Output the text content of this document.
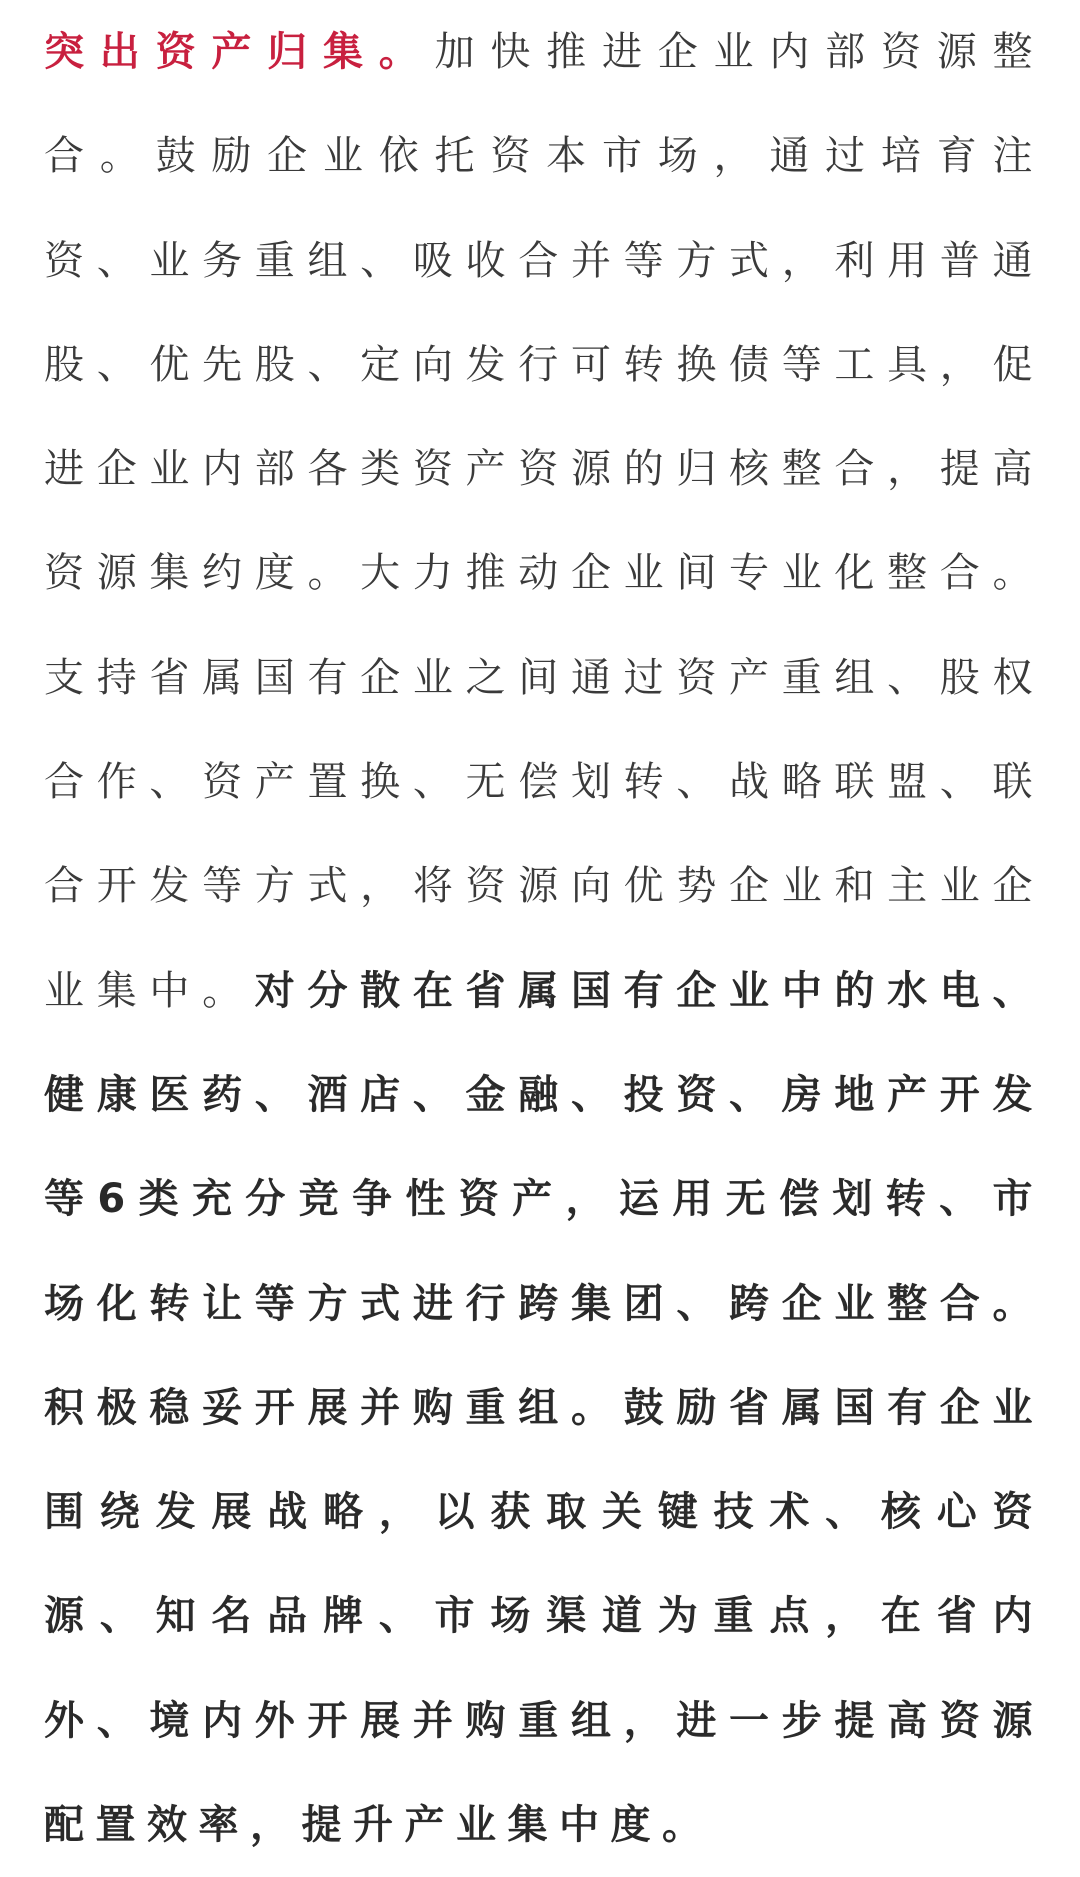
突出资产归集。加快推进企业内部资源整合。鼓励企业依托资本市场，通过培育注资、业务重组、吸收合并等方式，利用普通股、优先股、定向发行可转换债等工具，促进企业内部各类资产资源的归核整合，提高资源集约度。大力推动企业间专业化整合。支持省属国有企业之间通过资产重组、股权合作、资产置换、无偿划转、战略联盟、联合开发等方式，将资源向优势企业和主业企业集中。对分散在省属国有企业中的水电、健康医药、酒店、金融、投资、房地产开发等6类充分竞争性资产，运用无偿划转、市场化转让等方式进行跨集团、跨企业整合。积极稳妥开展并购重组。鼓励省属国有企业围绕发展战略，以获取关键技术、核心资源、知名品牌、市场渠道为重点，在省内外、境内外开展并购重组，进一步提高资源配置效率，提升产业集中度。
